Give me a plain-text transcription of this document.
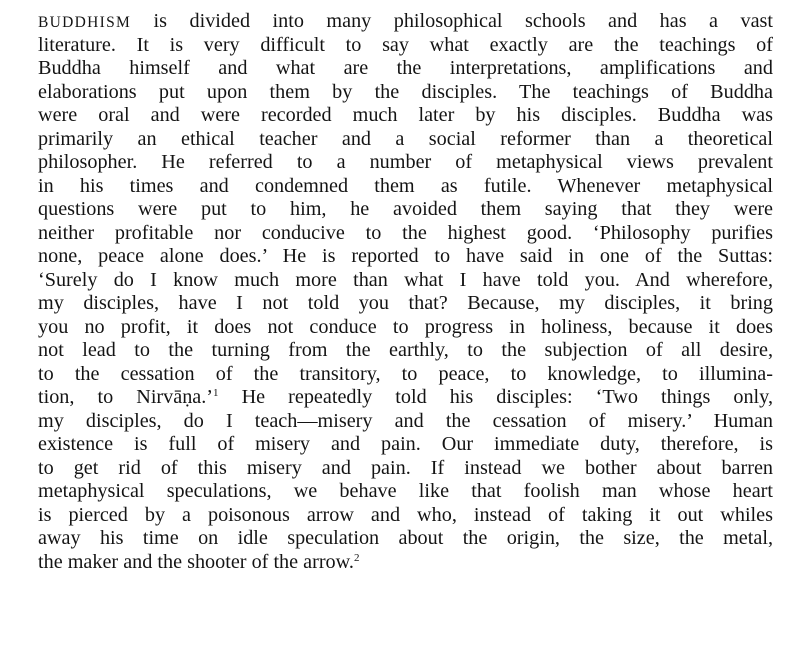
BUDDHISM is divided into many philosophical schools and has a vast
literature. It is very difficult to say what exactly are the teachings of
Buddha himself and what are the interpretations, amplifications and
elaborations put upon them by the disciples. The teachings of Buddha
were oral and were recorded much later by his disciples. Buddha was
primarily an ethical teacher and a social reformer than a theoretical
philosopher. He referred to a number of metaphysical views prevalent
in his times and condemned them as futile. Whenever metaphysical
questions were put to him, he avoided them saying that they were
neither profitable nor conducive to the highest good. ‘Philosophy purifies
none, peace alone does.’ He is reported to have said in one of the Suttas:
‘Surely do I know much more than what I have told you. And wherefore,
my disciples, have I not told you that? Because, my disciples, it bring
you no profit, it does not conduce to progress in holiness, because it does
not lead to the turning from the earthly, to the subjection of all desire,
to the cessation of the transitory, to peace, to knowledge, to illumina-
tion, to Nirvāṇa.’$^1$ He repeatedly told his disciples: ‘Two things only,
my disciples, do I teach—misery and the cessation of misery.’ Human
existence is full of misery and pain. Our immediate duty, therefore, is
to get rid of this misery and pain. If instead we bother about barren
metaphysical speculations, we behave like that foolish man whose heart
is pierced by a poisonous arrow and who, instead of taking it out whiles
away his time on idle speculation about the origin, the size, the metal,
the maker and the shooter of the arrow.$^2$
